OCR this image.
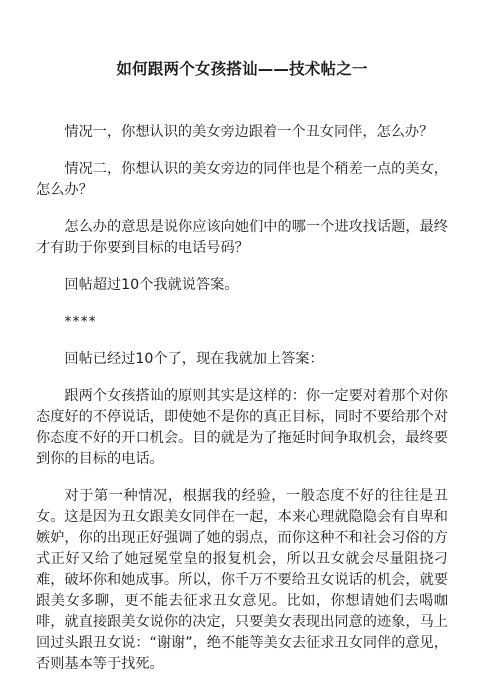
如何跟两个女孩搭讪——技术帖之一

情况一，你想认识的美女旁边跟着一个丑女同伴，怎么办？

情况二，你想认识的美女旁边的同伴也是个稍差一点的美女，怎么办？

怎么办的意思是说你应该向她们中的哪一个进攻找话题，最终才有助于你要到目标的电话号码？

回帖超过10个我就说答案。

****

回帖已经过10个了，现在我就加上答案：

跟两个女孩搭讪的原则其实是这样的：你一定要对着那个对你态度好的不停说话，即使她不是你的真正目标，同时不要给那个对你态度不好的开口机会。目的就是为了拖延时间争取机会，最终要到你的目标的电话。

对于第一种情况，根据我的经验，一般态度不好的往往是丑女。这是因为丑女跟美女同伴在一起，本来心理就隐隐会有自卑和嫉妒，你的出现正好强调了她的弱点，而你这种不和社会习俗的方式正好又给了她冠冕堂皇的报复机会，所以丑女就会尽量阻挠刁难，破坏你和她成事。所以，你千万不要给丑女说话的机会，就要跟美女多聊，更不能去征求丑女意见。比如，你想请她们去喝咖啡，就直接跟美女说你的决定，只要美女表现出同意的迹象，马上回过头跟丑女说：“谢谢”，绝不能等美女去征求丑女同伴的意见，否则基本等于找死。
